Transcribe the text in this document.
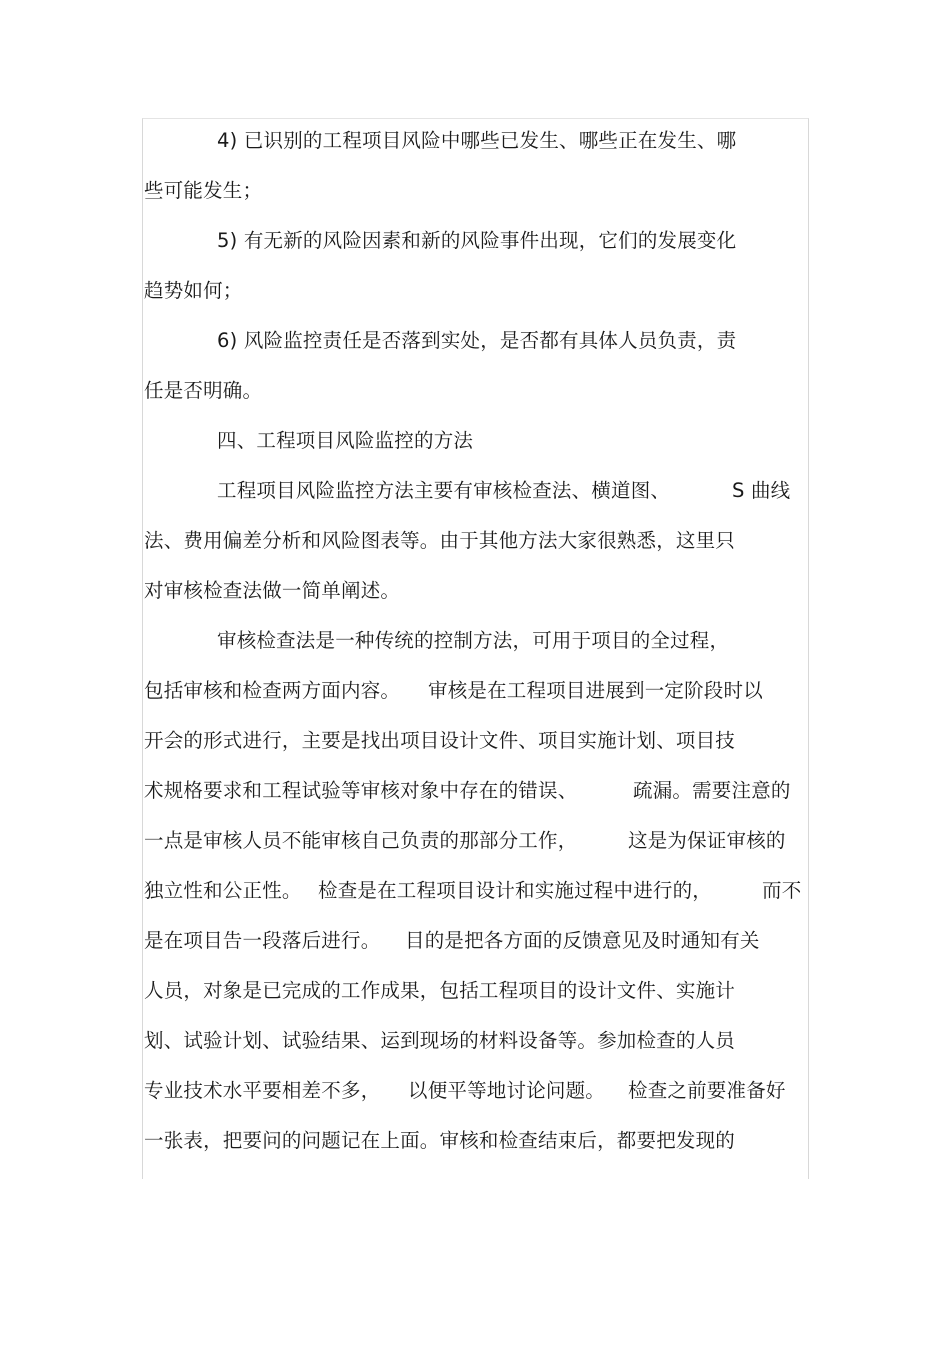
4) 已识别的工程项目风险中哪些已发生、哪些正在发生、哪
些可能发生；
5) 有无新的风险因素和新的风险事件出现，它们的发展变化
趋势如何；
6) 风险监控责任是否落到实处，是否都有具体人员负责，责
任是否明确。
四、工程项目风险监控的方法
工程项目风险监控方法主要有审核检查法、横道图、	S 曲线
法、费用偏差分析和风险图表等。由于其他方法大家很熟悉，这里只
对审核检查法做一简单阐述。
审核检查法是一种传统的控制方法，可用于项目的全过程，
包括审核和检查两方面内容。 审核是在工程项目进展到一定阶段时以
开会的形式进行，主要是找出项目设计文件、项目实施计划、项目技
术规格要求和工程试验等审核对象中存在的错误、	疏漏。需要注意的
一点是审核人员不能审核自己负责的那部分工作，	这是为保证审核的
独立性和公正性。 检查是在工程项目设计和实施过程中进行的，	而不
是在项目告一段落后进行。 目的是把各方面的反馈意见及时通知有关
人员，对象是已完成的工作成果，包括工程项目的设计文件、实施计
划、试验计划、试验结果、运到现场的材料设备等。参加检查的人员
专业技术水平要相差不多， 以便平等地讨论问题。 检查之前要准备好
一张表，把要问的问题记在上面。审核和检查结束后，都要把发现的
